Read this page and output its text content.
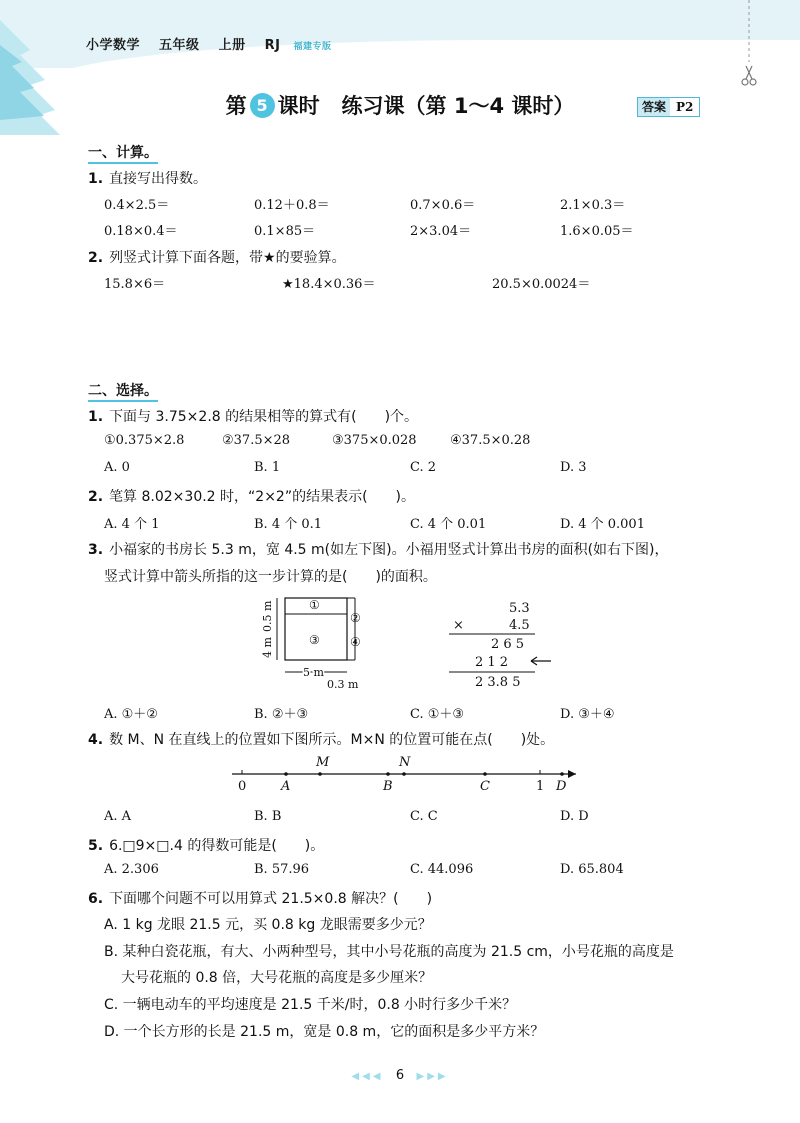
小学数学 五年级 上册 RJ 福建专版
第 5 课时 练习课（第 1～4 课时）	答案 P2
一、计算。
1. 直接写出得数。
0.4×2.5＝	0.12＋0.8＝	0.7×0.6＝	2.1×0.3＝
0.18×0.4＝	0.1×85＝	2×3.04＝	1.6×0.05＝
2. 列竖式计算下面各题，带★的要验算。
15.8×6＝	★18.4×0.36＝	20.5×0.0024＝
二、选择。
1. 下面与 3.75×2.8 的结果相等的算式有(　　)个。
①0.375×2.8	②37.5×28	③375×0.028	④37.5×0.28
A. 0	B. 1	C. 2	D. 3
2. 笔算 8.02×30.2 时，“2×2”的结果表示(　　)。
A. 4 个 1	B. 4 个 0.1	C. 4 个 0.01	D. 4 个 0.001
3. 小福家的书房长 5.3 m，宽 4.5 m(如左下图)。小福用竖式计算出书房的面积(如右下图)，
竖式计算中箭头所指的这一步计算的是(　　)的面积。
①
②
③	④
0.5 m
4 m
5 m
0.3 m
5.3
×	4.5
2 6 5
2 1 2
2 3.8 5
A. ①＋②	B. ②＋③	C. ①＋③	D. ③＋④
4. 数 M、N 在直线上的位置如下图所示。M×N 的位置可能在点(　　)处。
M	N
0	A	B	C	1 D
A. A	B. B	C. C	D. D
5. 6.□9×□.4 的得数可能是(　　)。
A. 2.306	B. 57.96	C. 44.096	D. 65.804
6. 下面哪个问题不可以用算式 21.5×0.8 解决？(　　)
A. 1 kg 龙眼 21.5 元，买 0.8 kg 龙眼需要多少元？
B. 某种白瓷花瓶，有大、小两种型号，其中小号花瓶的高度为 21.5 cm，小号花瓶的高度是
大号花瓶的 0.8 倍，大号花瓶的高度是多少厘米？
C. 一辆电动车的平均速度是 21.5 千米/时，0.8 小时行多少千米？
D. 一个长方形的长是 21.5 m，宽是 0.8 m，它的面积是多少平方米？
◀◀◀ 6 ▶▶▶
